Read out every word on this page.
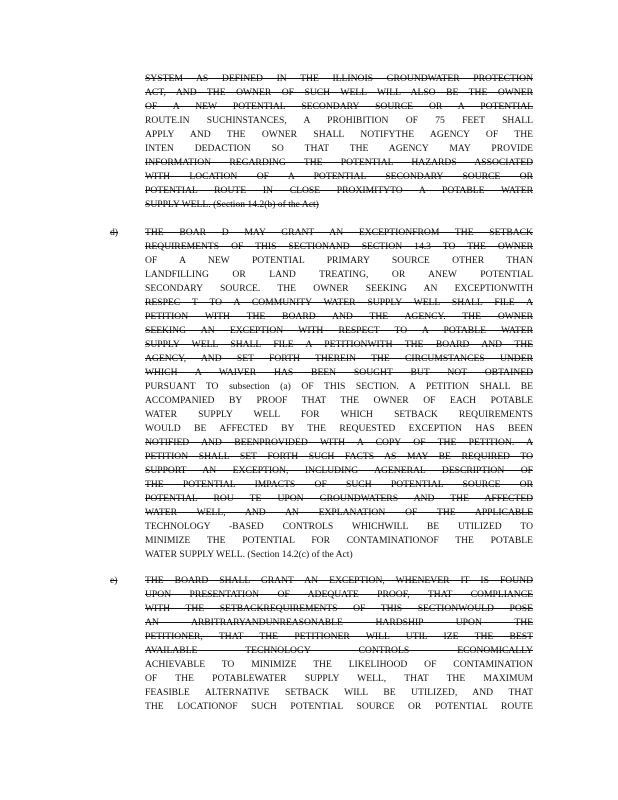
SYSTEM AS DEFINED IN THE ILLINOIS GROUNDWATER PROTECTION
ACT, AND THE OWNER OF SUCH WELL WILL ALSO BE THE OWNER
OF A NEW POTENTIAL SECONDARY SOURCE OR A POTENTIAL
ROUTE.IN SUCHINSTANCES, A PROHIBITION OF 75 FEET SHALL
APPLY AND THE OWNER SHALL NOTIFYTHE AGENCY OF THE
INTEN DEDACTION SO THAT THE AGENCY MAY PROVIDE
INFORMATION REGARDING THE POTENTIAL HAZARDS ASSOCIATED
WITH LOCATION OF A POTENTIAL SECONDARY SOURCE OR
POTENTIAL ROUTE IN CLOSE PROXIMITYTO A POTABLE WATER
SUPPLY WELL. (Section 14.2(b) of the Act)
d)	THE BOAR D MAY GRANT AN EXCEPTIONFROM THE SETBACK
REQUIREMENTS OF THIS SECTIONAND SECTION 14.3 TO THE OWNER
OF A NEW POTENTIAL PRIMARY SOURCE OTHER THAN
LANDFILLING OR LAND TREATING, OR ANEW POTENTIAL
SECONDARY SOURCE. THE OWNER SEEKING AN EXCEPTIONWITH
RESPEC T TO A COMMUNITY WATER SUPPLY WELL SHALL FILE A
PETITION WITH THE BOARD AND THE AGENCY. THE OWNER
SEEKING AN EXCEPTION WITH RESPECT TO A POTABLE WATER
SUPPLY WELL SHALL FILE A PETITIONWITH THE BOARD AND THE
AGENCY, AND SET FORTH THEREIN THE CIRCUMSTANCES UNDER
WHICH A WAIVER HAS BEEN SOUGHT BUT NOT OBTAINED
PURSUANT TO subsection (a) OF THIS SECTION. A PETITION SHALL BE
ACCOMPANIED BY PROOF THAT THE OWNER OF EACH POTABLE
WATER SUPPLY WELL FOR WHICH SETBACK REQUIREMENTS
WOULD BE AFFECTED BY THE REQUESTED EXCEPTION HAS BEEN
NOTIFIED AND BEENPROVIDED WITH A COPY OF THE PETITION. A
PETITION SHALL SET FORTH SUCH FACTS AS MAY BE REQUIRED TO
SUPPORT AN EXCEPTION, INCLUDING AGENERAL DESCRIPTION OF
THE POTENTIAL IMPACTS OF SUCH POTENTIAL SOURCE OR
POTENTIAL ROU TE UPON GROUNDWATERS AND THE AFFECTED
WATER WELL, AND AN EXPLANATION OF THE APPLICABLE
TECHNOLOGY -BASED CONTROLS WHICHWILL BE UTILIZED TO
MINIMIZE THE POTENTIAL FOR CONTAMINATIONOF THE POTABLE
WATER SUPPLY WELL. (Section 14.2(c) of the Act)
e)	THE BOARD SHALL GRANT AN EXCEPTION, WHENEVER IT IS FOUND
UPON PRESENTATION OF ADEQUATE PROOF, THAT COMPLIANCE
WITH THE SETBACKREQUIREMENTS OF THIS SECTIONWOULD POSE
AN ARBITRARYANDUNREASONABLE HARDSHIP UPON THE
PETITIONER, THAT THE PETITIONER WILL UTIL IZE THE BEST
AVAILABLE TECHNOLOGY CONTROLS ECONOMICALLY
ACHIEVABLE TO MINIMIZE THE LIKELIHOOD OF CONTAMINATION
OF THE POTABLEWATER SUPPLY WELL, THAT THE MAXIMUM
FEASIBLE ALTERNATIVE SETBACK WILL BE UTILIZED, AND THAT
THE LOCATIONOF SUCH POTENTIAL SOURCE OR POTENTIAL ROUTE
